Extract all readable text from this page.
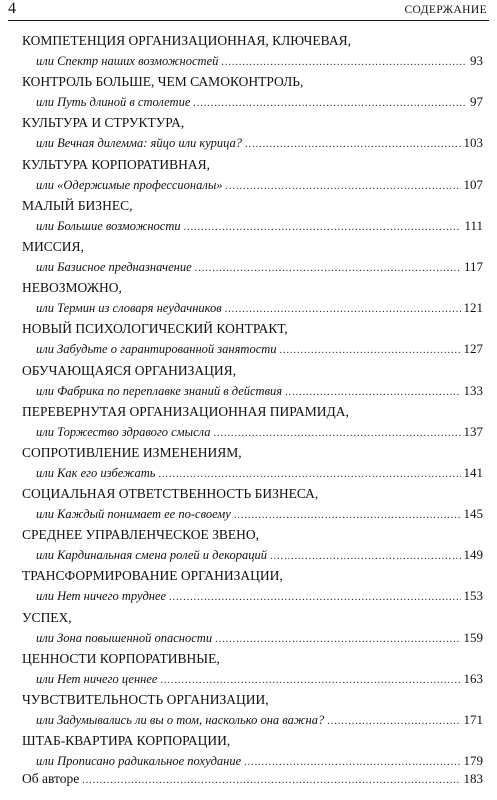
4	СОДЕРЖАНИЕ
КОМПЕТЕНЦИЯ ОРГАНИЗАЦИОННАЯ, КЛЮЧЕВАЯ,
или Спектр наших возможностей .....	93
КОНТРОЛЬ БОЛЬШЕ, ЧЕМ САМОКОНТРОЛЬ,
или Путь длиной в столетие .....	97
КУЛЬТУРА И СТРУКТУРА,
или Вечная дилемма: яйцо или курица? .....	103
КУЛЬТУРА КОРПОРАТИВНАЯ,
или «Одержимые профессионалы» .....	107
МАЛЫЙ БИЗНЕС,
или Большие возможности .....	111
МИССИЯ,
или Базисное предназначение .....	117
НЕВОЗМОЖНО,
или Термин из словаря неудачников .....	121
НОВЫЙ ПСИХОЛОГИЧЕСКИЙ КОНТРАКТ,
или Забудьте о гарантированной занятости .....	127
ОБУЧАЮЩАЯСЯ ОРГАНИЗАЦИЯ,
или Фабрика по переплавке знаний в действия .....	133
ПЕРЕВЕРНУТАЯ ОРГАНИЗАЦИОННАЯ ПИРАМИДА,
или Торжество здравого смысла .....	137
СОПРОТИВЛЕНИЕ ИЗМЕНЕНИЯМ,
или Как его избежать .....	141
СОЦИАЛЬНАЯ ОТВЕТСТВЕННОСТЬ БИЗНЕСА,
или Каждый понимает ее по-своему .....	145
СРЕДНЕЕ УПРАВЛЕНЧЕСКОЕ ЗВЕНО,
или Кардинальная смена ролей и декораций .....	149
ТРАНСФОРМИРОВАНИЕ ОРГАНИЗАЦИИ,
или Нет ничего труднее .....	153
УСПЕХ,
или Зона повышенной опасности .....	159
ЦЕННОСТИ КОРПОРАТИВНЫЕ,
или Нет ничего ценнее .....	163
ЧУВСТВИТЕЛЬНОСТЬ ОРГАНИЗАЦИИ,
или Задумывались ли вы о том, насколько она важна? .....	171
ШТАБ-КВАРТИРА КОРПОРАЦИИ,
или Прописано радикальное похудание .....	179
Об авторе .....	183
